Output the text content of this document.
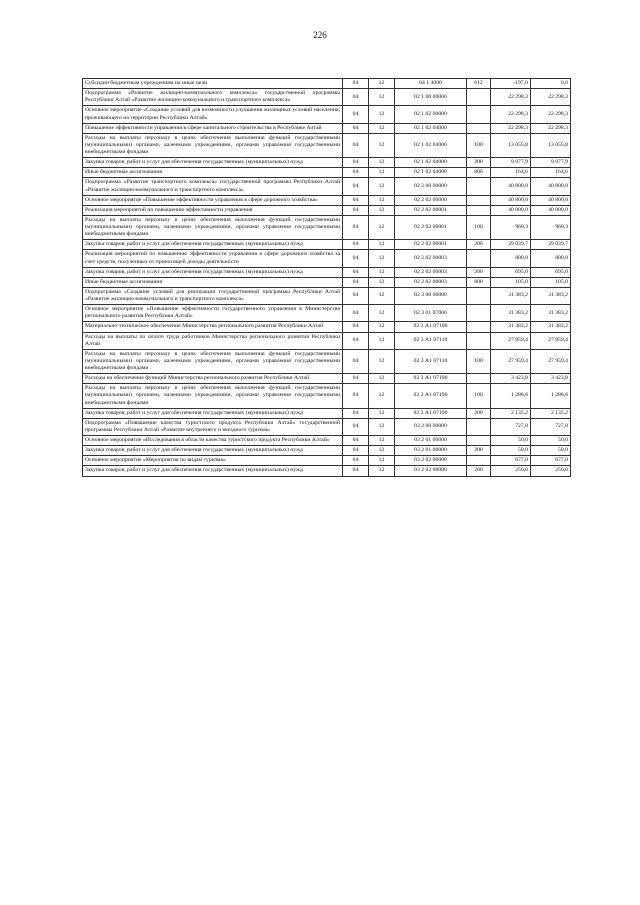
226
Субсидии бюджетным учреждениям на иные цели	04	12	04 1 4000	612	-197,0	0,0
Подпрограмма «Развитие жилищно-коммунального комплекса» государственной программы Республики Алтай «Развитие жилищно-коммунального и транспортного комплекса»	04	12	02 1 00 00000		22 298,3	22 298,3
Основное мероприятие «Создание условий для возможности улучшения жилищных условий населения, проживающего на территории Республики Алтай»	04	12	02 1 02 00000		22 298,3	22 298,3
Повышение эффективности управления в сфере капитального строительства в Республике Алтай	04	12	02 1 02 04000		22 298,3	22 298,3
Расходы на выплаты персоналу в целях обеспечения выполнения функций государственными (муниципальными) органами, казенными учреждениями, органами управления государственными внебюджетными фондами	04	12	02 1 02 04000	100	13 055,8	13 055,8
Закупка товаров, работ и услуг для обеспечения государственных (муниципальных) нужд	04	12	02 1 02 04000	200	9 077,9	9 077,9
Иные бюджетные ассигнования	04	12	02 1 02 04000	800	164,6	164,6
Подпрограмма «Развитие транспортного комплекса» государственной программы Республики Алтай «Развитие жилищно-коммунального и транспортного комплекса»	04	12	02 2 00 00000		40 800,0	40 800,0
Основное мероприятие «Повышение эффективности управления в сфере дорожного хозяйства»	04	12	02 2 02 00000		40 800,0	40 800,0
Реализация мероприятий по повышению эффективности управления	04	12	02 2 02 00001		40 000,0	40 000,0
Расходы на выплаты персоналу в целях обеспечения выполнения функций государственными (муниципальными) органами, казенными учреждениями, органами управления государственными внебюджетными фондами	04	12	02 2 02 00001	100	960,3	960,3
Закупка товаров, работ и услуг для обеспечения государственных (муниципальных) нужд	04	12	02 2 02 00001	200	39 039,7	39 039,7
Реализация мероприятий по повышению эффективности управления в сфере дорожного хозяйства за счет средств, полученных от приносящей доходы деятельности	04	12	02 2 02 00003		800,0	800,0
Закупка товаров, работ и услуг для обеспечения государственных (муниципальных) нужд	04	12	02 2 02 00003	200	695,0	695,0
Иные бюджетные ассигнования	04	12	02 2 02 00003	800	105,0	105,0
Подпрограмма «Создание условий для реализации государственной программы Республики Алтай «Развитие жилищно-коммунального и транспортного комплекса»	04	12	02 3 00 00000		31 383,2	31 383,2
Основное мероприятие «Повышение эффективности государственного управления в Министерстве регионального развития Республики Алтай»	04	12	02 3 01 07000		31 383,2	31 383,2
Материально-техническое обеспечение Министерства регионального развития Республики Алтай	04	12	02 3 А1 07100		31 383,2	31 383,2
Расходы на выплаты по оплате труда работников Министерства регионального развития Республики Алтай	04	12	02 3 А1 07110		27 959,4	27 959,4
Расходы на выплаты персоналу в целях обеспечения выполнения функций государственными (муниципальными) органами, казенными учреждениями, органами управления государственными внебюджетными фондами	04	12	02 3 А1 07110	100	27 959,4	27 959,4
Расходы на обеспечение функций Министерства регионального развития Республики Алтай	04	12	02 3 А1 07190		3 423,8	3 423,8
Расходы на выплаты персоналу в целях обеспечения выполнения функций государственными (муниципальными) органами, казенными учреждениями, органами управления государственными внебюджетными фондами	04	12	02 3 А1 07190	100	1 288,6	1 288,6
Закупка товаров, работ и услуг для обеспечения государственных (муниципальных) нужд	04	12	02 3 А1 07190	200	2 135,2	2 135,2
Подпрограмма «Повышение качества туристского продукта Республики Алтай» государственной программы Республики Алтай «Развитие внутреннего и въездного туризма»	04	12	03 2 00 00000		727,0	727,0
Основное мероприятие «Исследования в области качества туристского продукта Республики Алтай»	04	12	03 2 01 00000		50,0	50,0
Закупка товаров, работ и услуг для обеспечения государственных (муниципальных) нужд	04	12	03 2 01 00000	200	50,0	50,0
Основное мероприятие «Мероприятия по видам туризма»	04	12	03 2 02 00000		677,0	677,0
Закупка товаров, работ и услуг для обеспечения государственных (муниципальных) нужд	04	12	03 2 02 00000	200	250,0	250,0
